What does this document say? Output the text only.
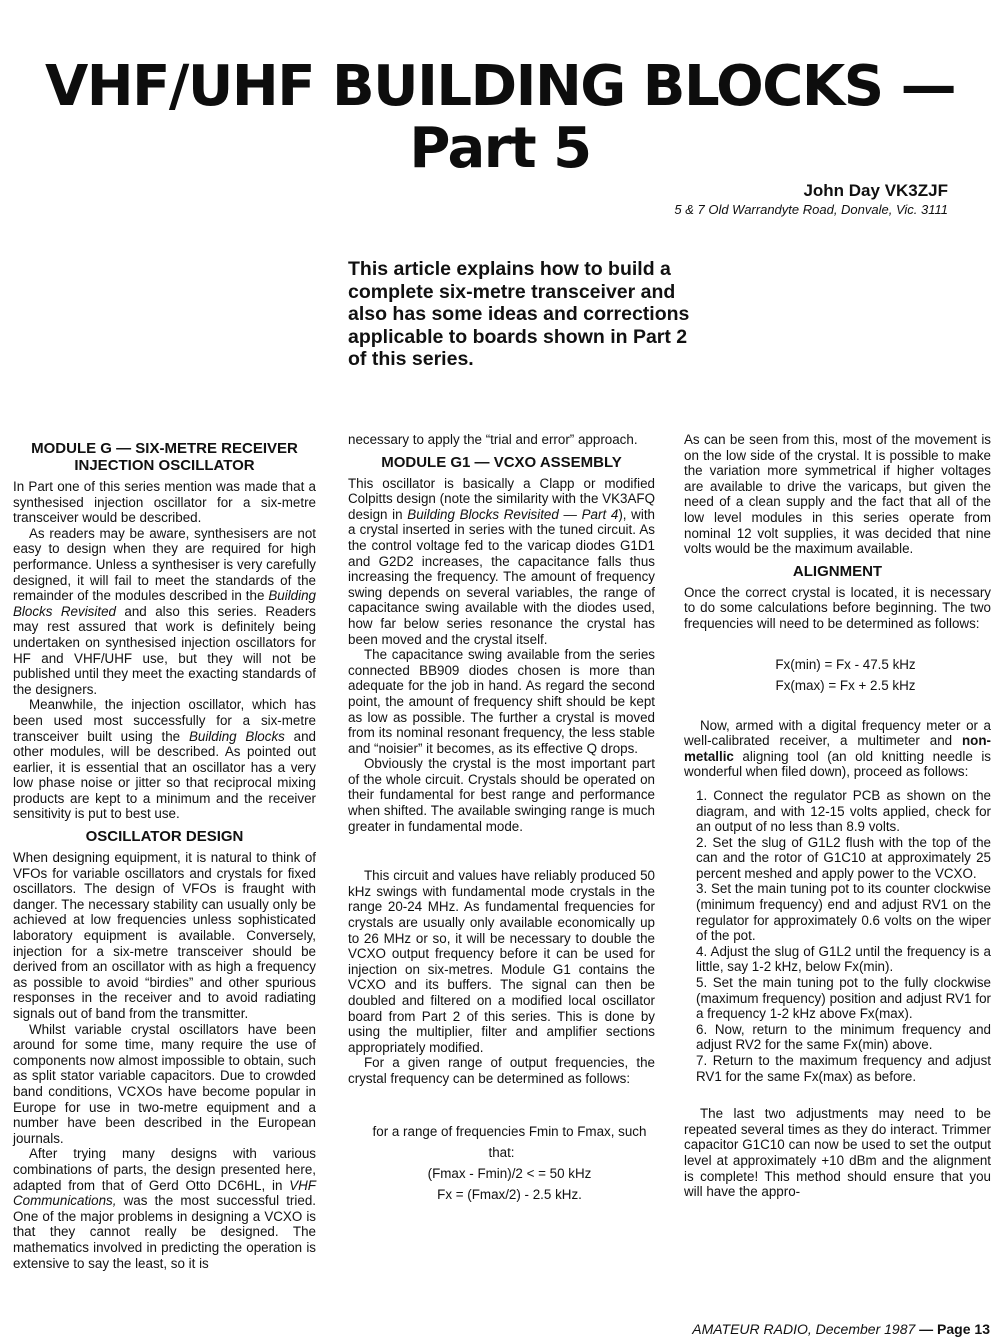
VHF/UHF BUILDING BLOCKS —
Part 5
John Day VK3ZJF
5 & 7 Old Warrandyte Road, Donvale, Vic. 3111
This article explains how to build a complete six-metre transceiver and also has some ideas and corrections applicable to boards shown in Part 2 of this series.
MODULE G — SIX-METRE RECEIVER INJECTION OSCILLATOR

In Part one of this series mention was made that a synthesised injection oscillator for a six-metre transceiver would be described.

As readers may be aware, synthesisers are not easy to design when they are required for high performance. Unless a synthesiser is very carefully designed, it will fail to meet the standards of the remainder of the modules described in the Building Blocks Revisited and also this series. Readers may rest assured that work is definitely being undertaken on synthesised injection oscillators for HF and VHF/UHF use, but they will not be published until they meet the exacting standards of the designers.

Meanwhile, the injection oscillator, which has been used most successfully for a six-metre transceiver built using the Building Blocks and other modules, will be described. As pointed out earlier, it is essential that an oscillator has a very low phase noise or jitter so that reciprocal mixing products are kept to a minimum and the receiver sensitivity is put to best use.

OSCILLATOR DESIGN

When designing equipment, it is natural to think of VFOs for variable oscillators and crystals for fixed oscillators. The design of VFOs is fraught with danger. The necessary stability can usually only be achieved at low frequencies unless sophisticated laboratory equipment is available. Conversely, injection for a six-metre transceiver should be derived from an oscillator with as high a frequency as possible to avoid “birdies” and other spurious responses in the receiver and to avoid radiating signals out of band from the transmitter.

Whilst variable crystal oscillators have been around for some time, many require the use of components now almost impossible to obtain, such as split stator variable capacitors. Due to crowded band conditions, VCXOs have become popular in Europe for use in two-metre equipment and a number have been described in the European journals.

After trying many designs with various combinations of parts, the design presented here, adapted from that of Gerd Otto DC6HL, in VHF Communications, was the most successful tried. One of the major problems in designing a VCXO is that they cannot really be designed. The mathematics involved in predicting the operation is extensive to say the least, so it is

necessary to apply the “trial and error” approach.

MODULE G1 — VCXO ASSEMBLY

This oscillator is basically a Clapp or modified Colpitts design (note the similarity with the VK3AFQ design in Building Blocks Revisited — Part 4), with a crystal inserted in series with the tuned circuit. As the control voltage fed to the varicap diodes G1D1 and G2D2 increases, the capacitance falls thus increasing the frequency. The amount of frequency swing depends on several variables, the range of capacitance swing available with the diodes used, how far below series resonance the crystal has been moved and the crystal itself.

The capacitance swing available from the series connected BB909 diodes chosen is more than adequate for the job in hand. As regard the second point, the amount of frequency shift should be kept as low as possible. The further a crystal is moved from its nominal resonant frequency, the less stable and “noisier” it becomes, as its effective Q drops.

Obviously the crystal is the most important part of the whole circuit. Crystals should be operated on their fundamental for best range and performance when shifted. The available swinging range is much greater in fundamental mode.

This circuit and values have reliably produced 50 kHz swings with fundamental mode crystals in the range 20-24 MHz. As fundamental frequencies for crystals are usually only available economically up to 26 MHz or so, it will be necessary to double the VCXO output frequency before it can be used for injection on six-metres. Module G1 contains the VCXO and its buffers. The signal can then be doubled and filtered on a modified local oscillator board from Part 2 of this series. This is done by using the multiplier, filter and amplifier sections appropriately modified.

For a given range of output frequencies, the crystal frequency can be determined as follows:

for a range of frequencies Fmin to Fmax, such that:

(Fmax - Fmin)/2 < = 50 kHz

Fx = (Fmax/2) - 2.5 kHz.

As can be seen from this, most of the movement is on the low side of the crystal. It is possible to make the variation more symmetrical if higher voltages are available to drive the varicaps, but given the need of a clean supply and the fact that all of the low level modules in this series operate from nominal 12 volt supplies, it was decided that nine volts would be the maximum available.

ALIGNMENT

Once the correct crystal is located, it is necessary to do some calculations before beginning. The two frequencies will need to be determined as follows:

Fx(min) = Fx - 47.5 kHz

Fx(max) = Fx + 2.5 kHz

Now, armed with a digital frequency meter or a well-calibrated receiver, a multimeter and non-metallic aligning tool (an old knitting needle is wonderful when filed down), proceed as follows:

1. Connect the regulator PCB as shown on the diagram, and with 12-15 volts applied, check for an output of no less than 8.9 volts.
2. Set the slug of G1L2 flush with the top of the can and the rotor of G1C10 at approximately 25 percent meshed and apply power to the VCXO.
3. Set the main tuning pot to its counter clockwise (minimum frequency) end and adjust RV1 on the regulator for approximately 0.6 volts on the wiper of the pot.
4. Adjust the slug of G1L2 until the frequency is a little, say 1-2 kHz, below Fx(min).
5. Set the main tuning pot to the fully clockwise (maximum frequency) position and adjust RV1 for a frequency 1-2 kHz above Fx(max).
6. Now, return to the minimum frequency and adjust RV2 for the same Fx(min) above.
7. Return to the maximum frequency and adjust RV1 for the same Fx(max) as before.

The last two adjustments may need to be repeated several times as they do interact. Trimmer capacitor G1C10 can now be used to set the output level at approximately +10 dBm and the alignment is complete! This method should ensure that you will have the appro-

AMATEUR RADIO, December 1987 — Page 13
